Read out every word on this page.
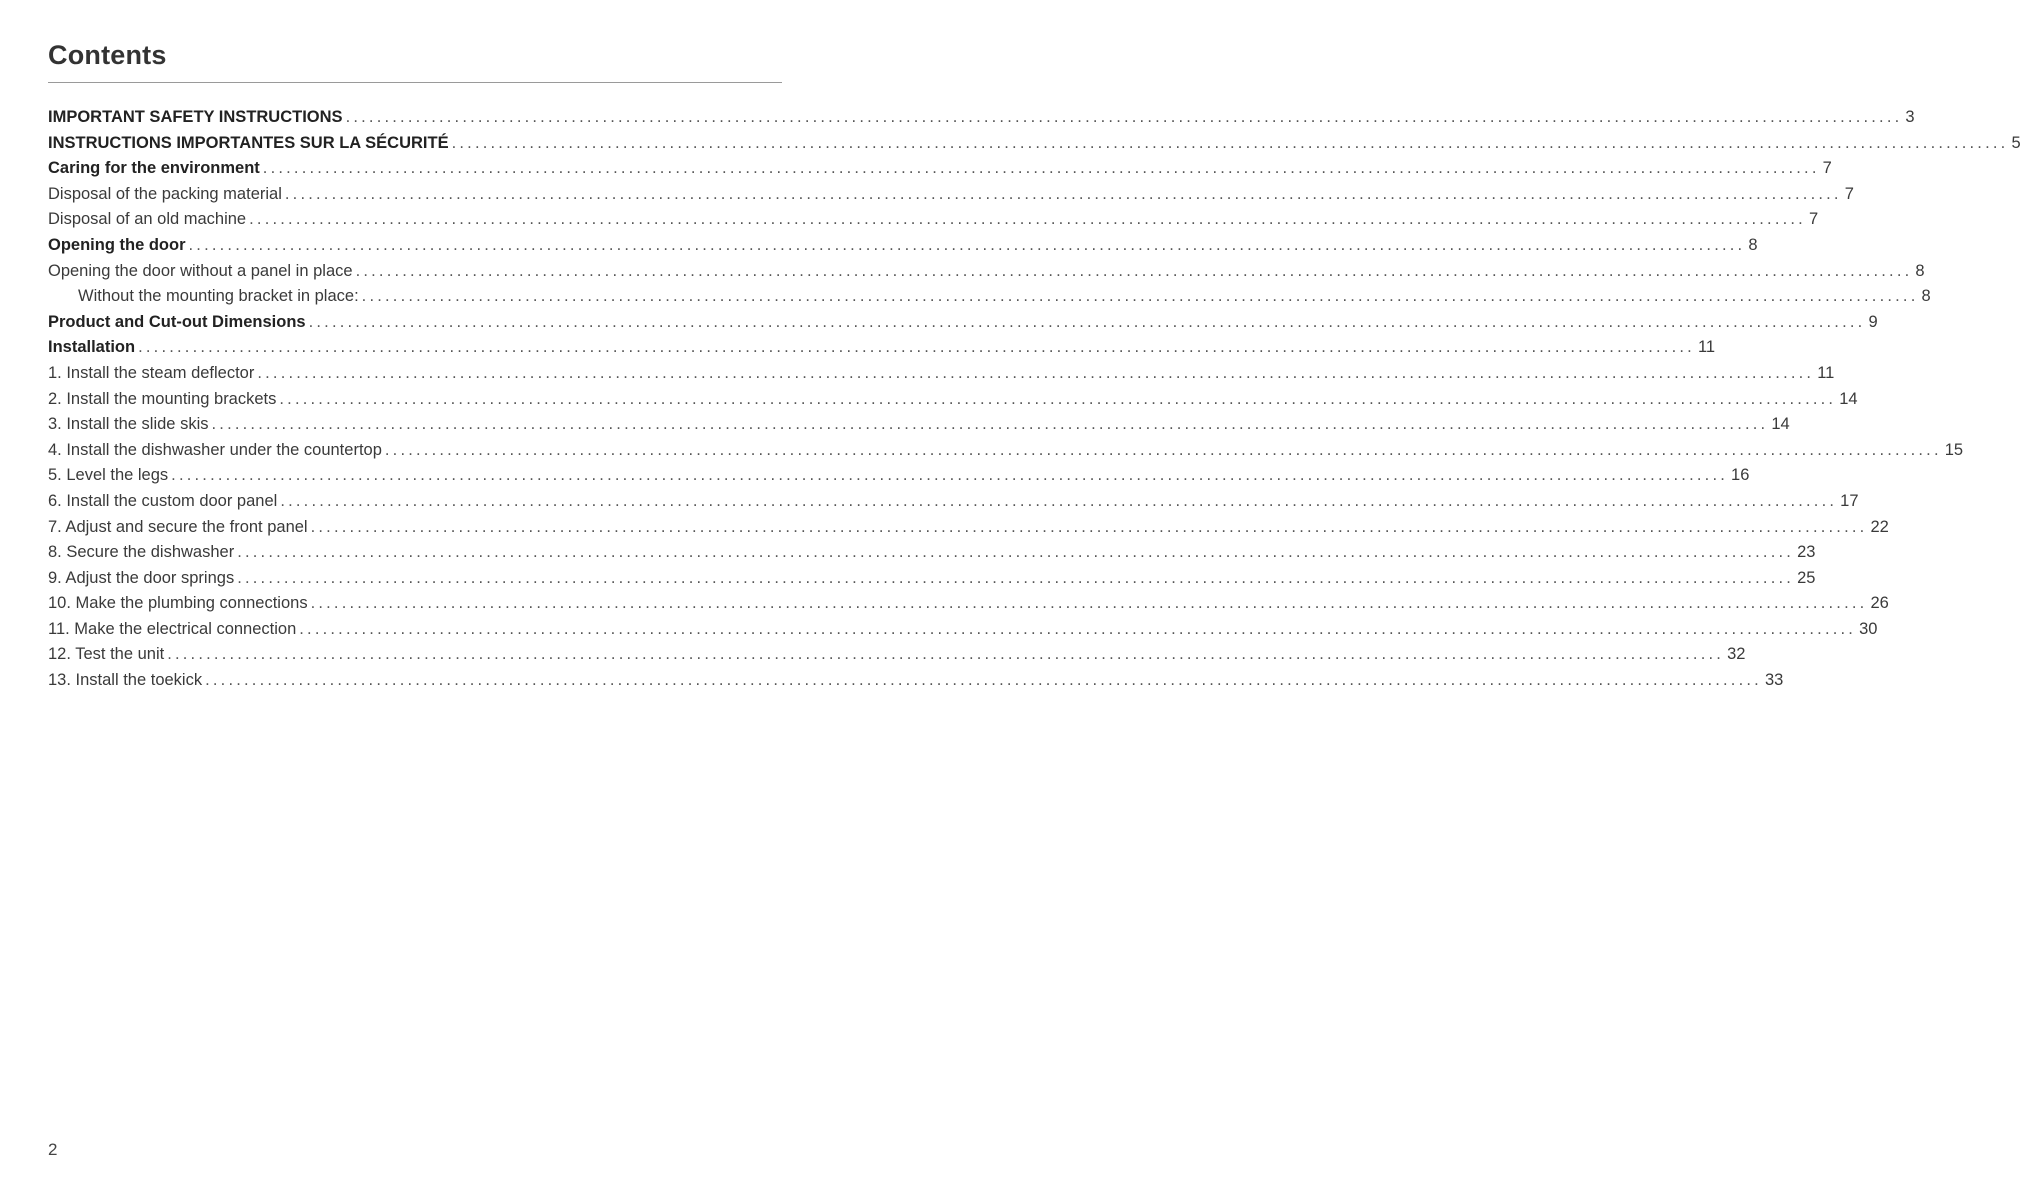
Contents
IMPORTANT SAFETY INSTRUCTIONS ........................................................................................................................................................................................................ 3
INSTRUCTIONS IMPORTANTES SUR LA SÉCURITÉ ........................................................................................................................................................................................................ 5
Caring for the environment ........................................................................................................................................................................................................ 7
Disposal of the packing material ........................................................................................................................................................................................................ 7
Disposal of an old machine ........................................................................................................................................................................................................ 7
Opening the door ........................................................................................................................................................................................................ 8
Opening the door without a panel in place ........................................................................................................................................................................................................ 8
Without the mounting bracket in place: ........................................................................................................................................................................................................ 8
Product and Cut-out Dimensions ........................................................................................................................................................................................................ 9
Installation ........................................................................................................................................................................................................ 11
1. Install the steam deflector ........................................................................................................................................................................................................ 11
2. Install the mounting brackets ........................................................................................................................................................................................................ 14
3. Install the slide skis ........................................................................................................................................................................................................ 14
4. Install the dishwasher under the countertop ........................................................................................................................................................................................................ 15
5. Level the legs ........................................................................................................................................................................................................ 16
6. Install the custom door panel ........................................................................................................................................................................................................ 17
7. Adjust and secure the front panel ........................................................................................................................................................................................................ 22
8. Secure the dishwasher ........................................................................................................................................................................................................ 23
9. Adjust the door springs ........................................................................................................................................................................................................ 25
10. Make the plumbing connections ........................................................................................................................................................................................................ 26
11. Make the electrical connection ........................................................................................................................................................................................................ 30
12. Test the unit ........................................................................................................................................................................................................ 32
13. Install the toekick ........................................................................................................................................................................................................ 33
2
